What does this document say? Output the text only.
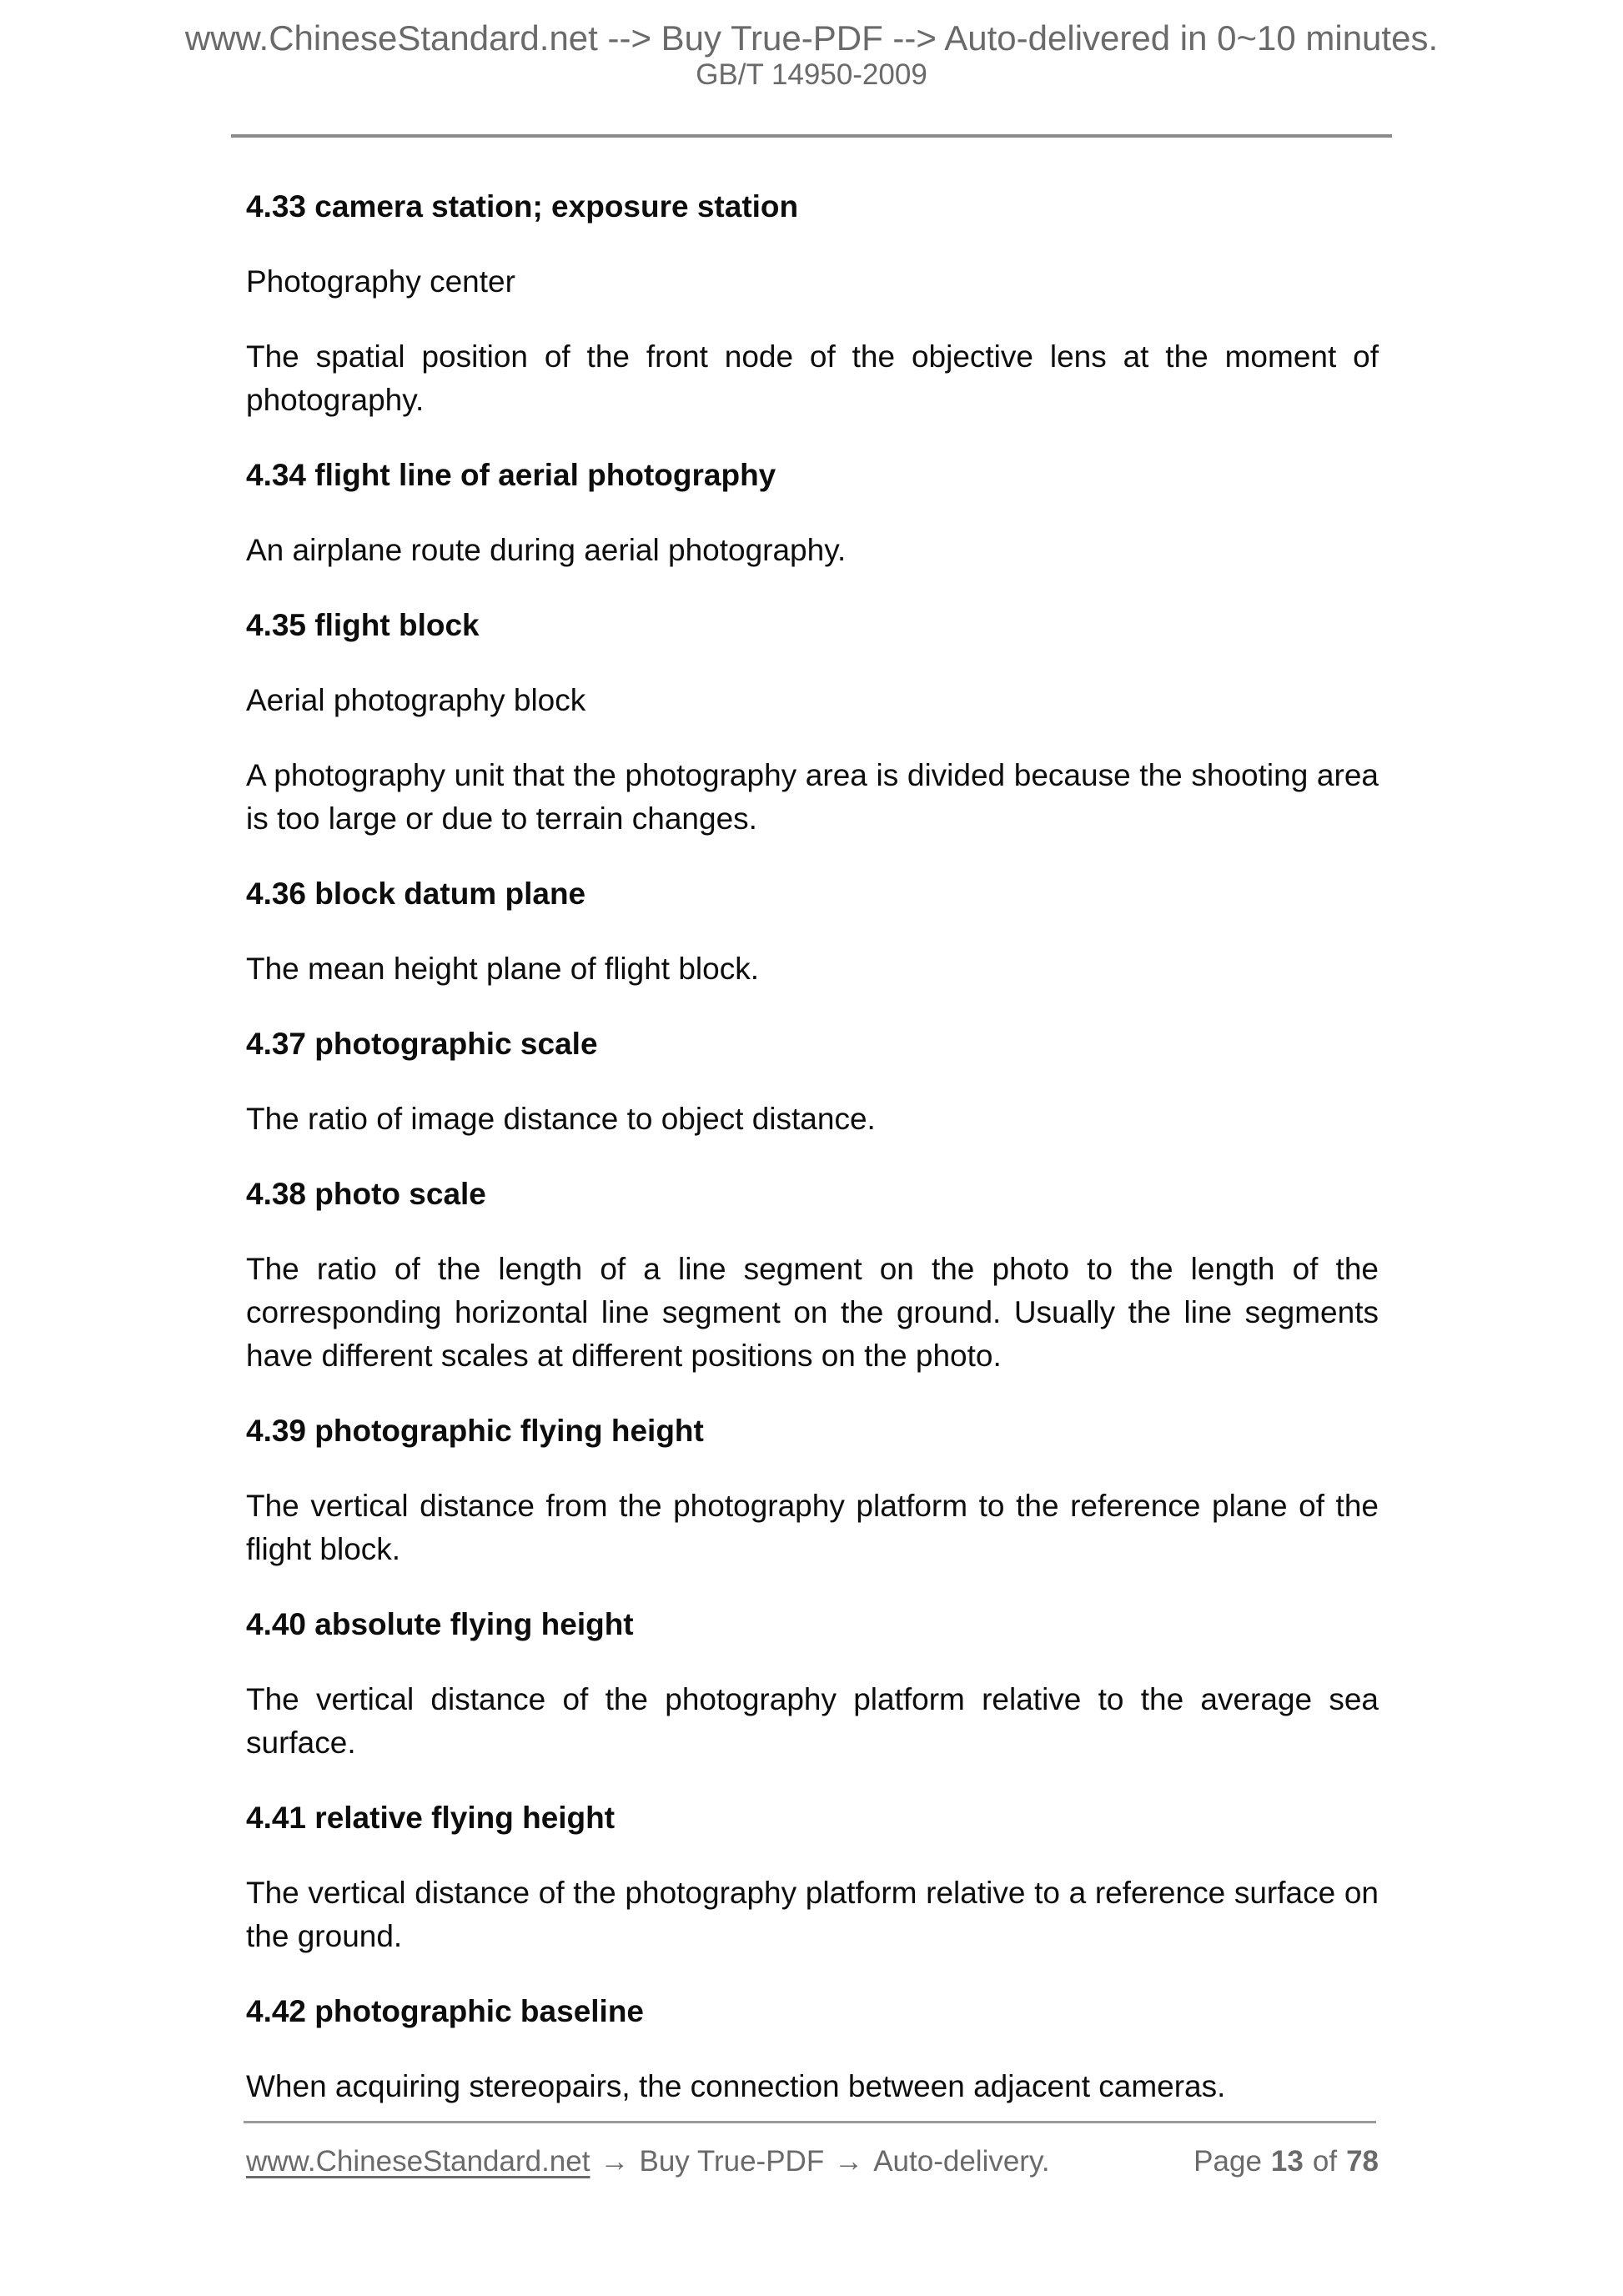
www.ChineseStandard.net --> Buy True-PDF --> Auto-delivered in 0~10 minutes.
GB/T 14950-2009
4.33 camera station; exposure station
Photography center
The spatial position of the front node of the objective lens at the moment of photography.
4.34 flight line of aerial photography
An airplane route during aerial photography.
4.35 flight block
Aerial photography block
A photography unit that the photography area is divided because the shooting area is too large or due to terrain changes.
4.36 block datum plane
The mean height plane of flight block.
4.37 photographic scale
The ratio of image distance to object distance.
4.38 photo scale
The ratio of the length of a line segment on the photo to the length of the corresponding horizontal line segment on the ground. Usually the line segments have different scales at different positions on the photo.
4.39 photographic flying height
The vertical distance from the photography platform to the reference plane of the flight block.
4.40 absolute flying height
The vertical distance of the photography platform relative to the average sea surface.
4.41 relative flying height
The vertical distance of the photography platform relative to a reference surface on the ground.
4.42 photographic baseline
When acquiring stereopairs, the connection between adjacent cameras.
www.ChineseStandard.net → Buy True-PDF → Auto-delivery.	Page 13 of 78
